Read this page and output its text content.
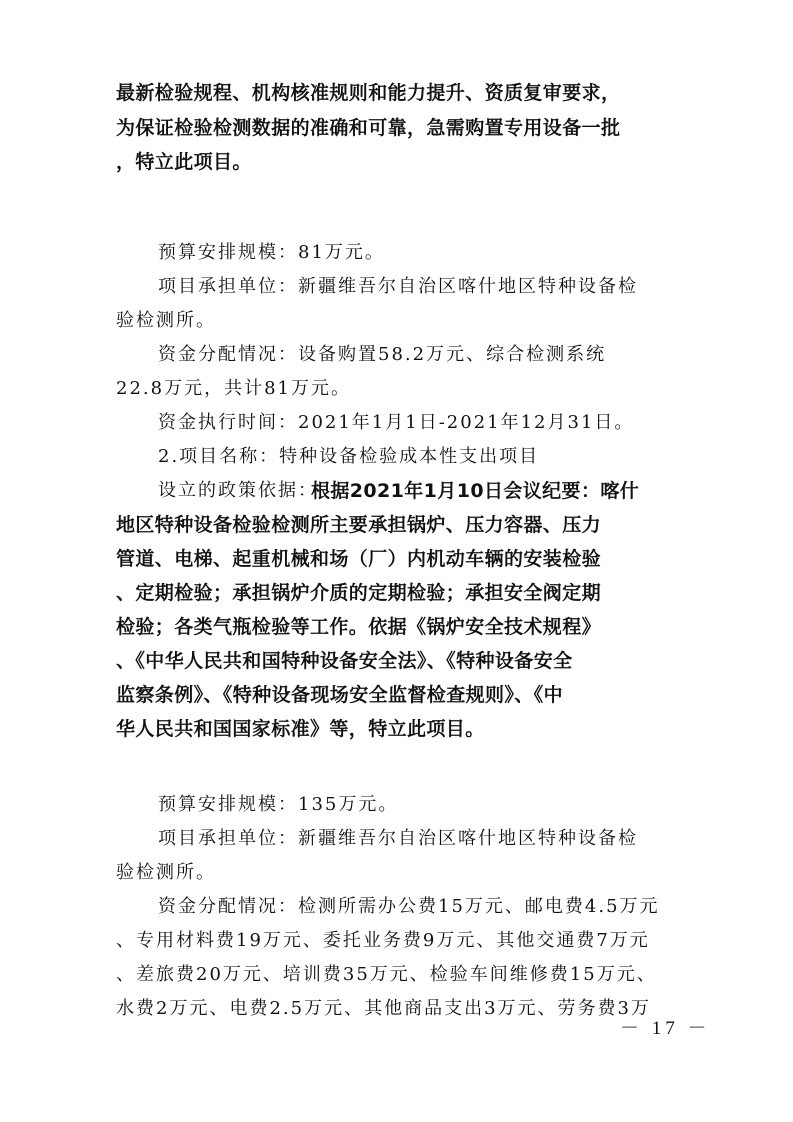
最新检验规程、机构核准规则和能力提升、资质复审要求，
为保证检验检测数据的准确和可靠，急需购置专用设备一批
，特立此项目。
预算安排规模：81万元。
项目承担单位：新疆维吾尔自治区喀什地区特种设备检
验检测所。
资金分配情况：设备购置58.2万元、综合检测系统
22.8万元，共计81万元。
资金执行时间：2021年1月1日-2021年12月31日。
2.项目名称：特种设备检验成本性支出项目
设立的政策依据：
根据2021年1月10日会议纪要：喀什
地区特种设备检验检测所主要承担锅炉、压力容器、压力
管道、电梯、起重机械和场（厂）内机动车辆的安装检验
、定期检验；承担锅炉介质的定期检验；承担安全阀定期
检验；各类气瓶检验等工作。依据《锅炉安全技术规程》
、《中华人民共和国特种设备安全法》、《特种设备安全
监察条例》、《特种设备现场安全监督检查规则》、《中
华人民共和国国家标准》等，特立此项目。
预算安排规模：135万元。
项目承担单位：新疆维吾尔自治区喀什地区特种设备检
验检测所。
资金分配情况：检测所需办公费15万元、邮电费4.5万元
、专用材料费19万元、委托业务费9万元、其他交通费7万元
、差旅费20万元、培训费35万元、检验车间维修费15万元、
水费2万元、电费2.5万元、其他商品支出3万元、劳务费3万
－ 17 －
